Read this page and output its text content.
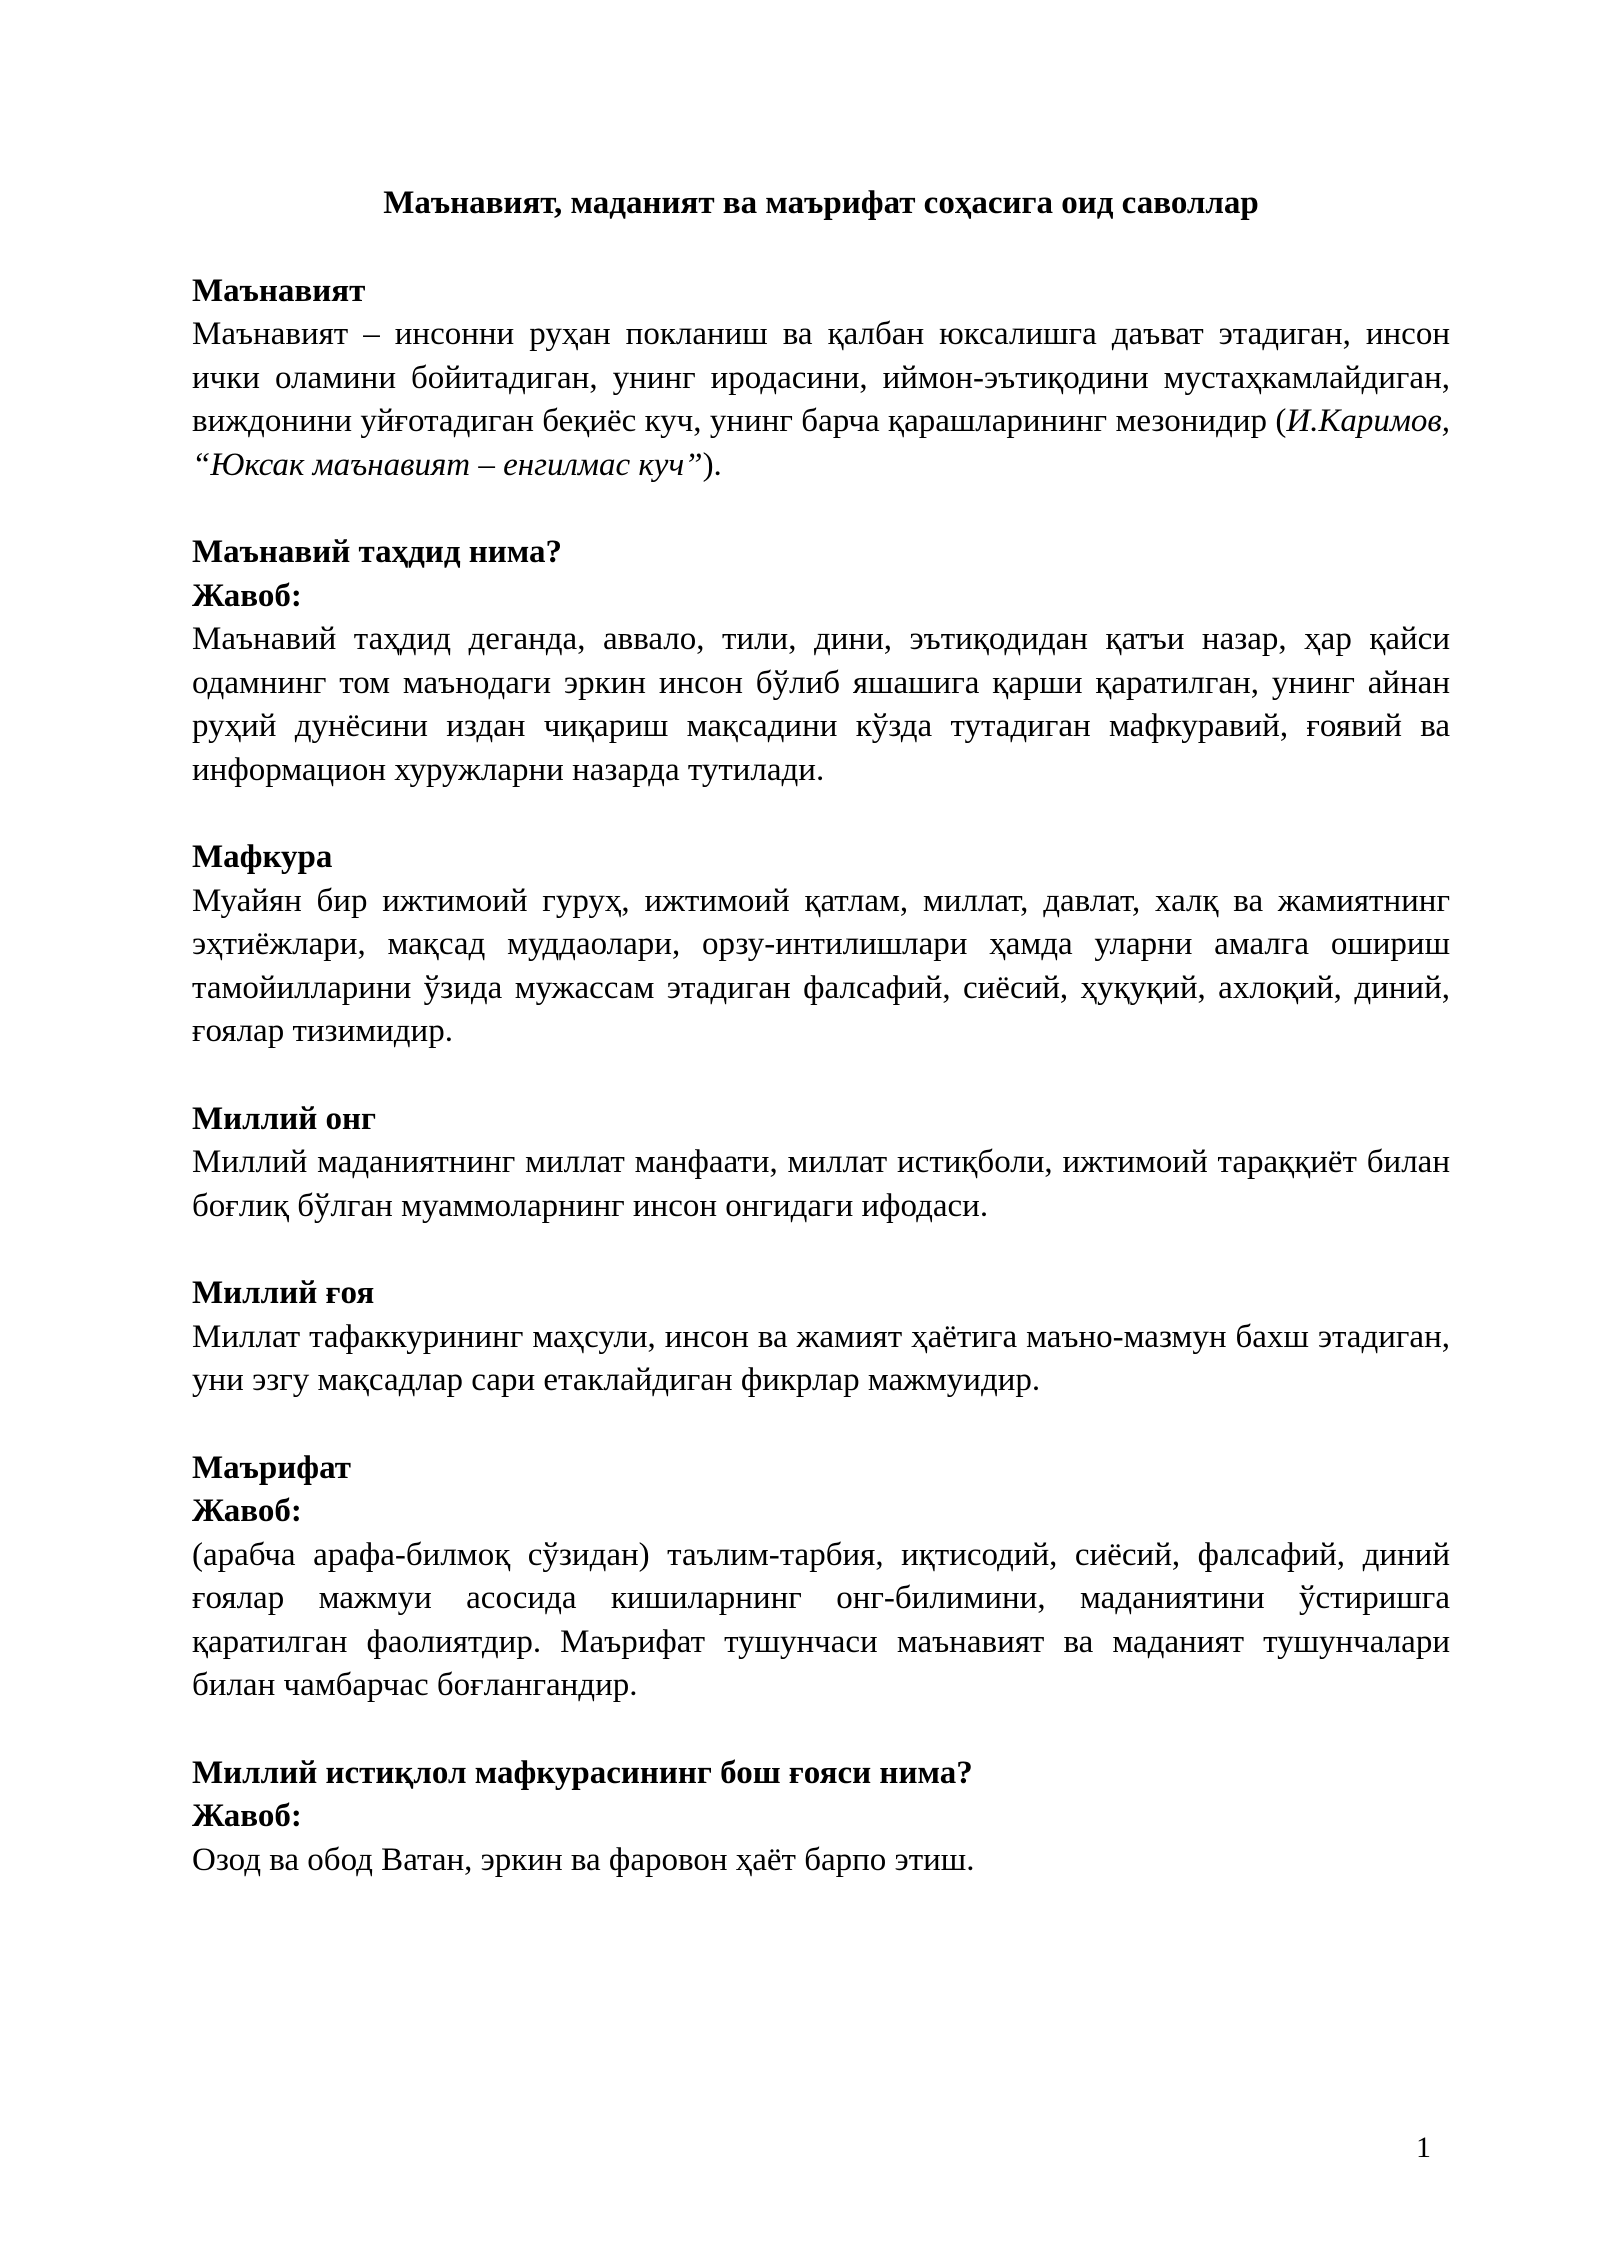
Маънавият, маданият ва маърифат соҳасига оид саволлар

Маънавият

Маънавият – инсонни руҳан покланиш ва қалбан юксалишга даъват этадиган, инсон ички оламини бойитадиган, унинг иродасини, иймон-эътиқодини мустаҳкамлайдиган, виждонини уйғотадиган беқиёс куч, унинг барча қарашларининг мезонидир (И.Каримов, “Юксак маънавият – енгилмас куч”).

Маънавий таҳдид нима?

Жавоб:

Маънавий таҳдид деганда, аввало, тили, дини, эътиқодидан қатъи назар, ҳар қайси одамнинг том маънодаги эркин инсон бўлиб яшашига қарши қаратилган, унинг айнан руҳий дунёсини издан чиқариш мақсадини кўзда тутадиган мафкуравий, ғоявий ва информацион хуружларни назарда тутилади.

Мафкура

Муайян бир ижтимоий гуруҳ, ижтимоий қатлам, миллат, давлат, халқ ва жамиятнинг эҳтиёжлари, мақсад муддаолари, орзу-интилишлари ҳамда уларни амалга ошириш тамойилларини ўзида мужассам этадиган фалсафий, сиёсий, ҳуқуқий, ахлоқий, диний, ғоялар тизимидир.

Миллий онг

Миллий маданиятнинг миллат манфаати, миллат истиқболи, ижтимоий тараққиёт билан боғлиқ бўлган муаммоларнинг инсон онгидаги ифодаси.

Миллий ғоя

Миллат тафаккурининг маҳсули, инсон ва жамият ҳаётига маъно-мазмун бахш этадиган, уни эзгу мақсадлар сари етаклайдиган фикрлар мажмуидир.

Маърифат

Жавоб:

(арабча арафа-билмоқ сўзидан) таълим-тарбия, иқтисодий, сиёсий, фалсафий, диний ғоялар мажмуи асосида кишиларнинг онг-билимини, маданиятини ўстиришга қаратилган фаолиятдир. Маърифат тушунчаси маънавият ва маданият тушунчалари билан чамбарчас боғлангандир.

Миллий истиқлол мафкурасининг бош ғояси нима?

Жавоб:

Озод ва обод Ватан, эркин ва фаровон ҳаёт барпо этиш.

1
